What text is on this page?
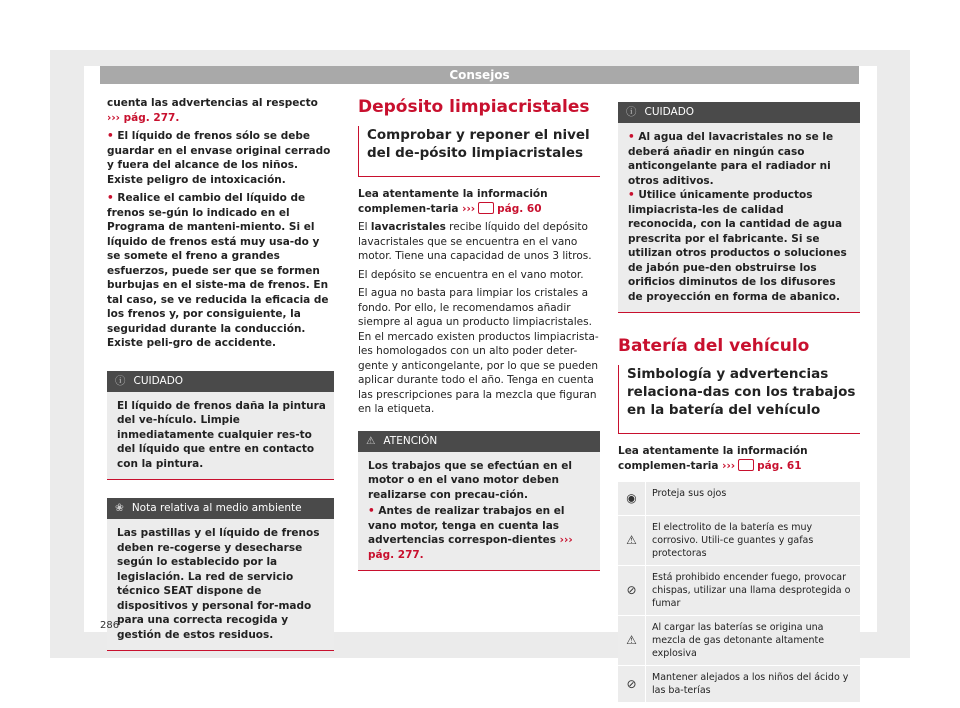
Consejos
cuenta las advertencias al respecto
››› pág. 277.
• El líquido de frenos sólo se debe guardar en el envase original cerrado y fuera del alcance de los niños. Existe peligro de intoxicación.
• Realice el cambio del líquido de frenos se-gún lo indicado en el Programa de manteni-miento. Si el líquido de frenos está muy usa-do y se somete el freno a grandes esfuerzos, puede ser que se formen burbujas en el siste-ma de frenos. En tal caso, se ve reducida la eficacia de los frenos y, por consiguiente, la seguridad durante la conducción. Existe peli-gro de accidente.
ⓘ CUIDADO
El líquido de frenos daña la pintura del ve-hículo. Limpie inmediatamente cualquier res-to del líquido que entre en contacto con la pintura.
❀ Nota relativa al medio ambiente
Las pastillas y el líquido de frenos deben re-cogerse y desecharse según lo establecido por la legislación. La red de servicio técnico SEAT dispone de dispositivos y personal for-mado para una correcta recogida y gestión de estos residuos.
Depósito limpiacristales
Comprobar y reponer el nivel del de-pósito limpiacristales
Lea atentamente la información complemen-taria ››› pág. 60
El lavacristales recibe líquido del depósito lavacristales que se encuentra en el vano motor. Tiene una capacidad de unos 3 litros.
El depósito se encuentra en el vano motor.
El agua no basta para limpiar los cristales a fondo. Por ello, le recomendamos añadir siempre al agua un producto limpiacristales. En el mercado existen productos limpiacrista-les homologados con un alto poder deter-gente y anticongelante, por lo que se pueden aplicar durante todo el año. Tenga en cuenta las prescripciones para la mezcla que figuran en la etiqueta.
⚠ ATENCIÓN
Los trabajos que se efectúan en el motor o en el vano motor deben realizarse con precau-ción.
• Antes de realizar trabajos en el vano motor, tenga en cuenta las advertencias correspon-dientes ››› pág. 277.
ⓘ CUIDADO
• Al agua del lavacristales no se le deberá añadir en ningún caso anticongelante para el radiador ni otros aditivos.
• Utilice únicamente productos limpiacrista-les de calidad reconocida, con la cantidad de agua prescrita por el fabricante. Si se utilizan otros productos o soluciones de jabón pue-den obstruirse los orificios diminutos de los difusores de proyección en forma de abanico.
Batería del vehículo
Simbología y advertencias relaciona-das con los trabajos en la batería del vehículo
Lea atentamente la información complemen-taria ››› pág. 61
◉	Proteja sus ojos
⚠
El electrolito de la batería es muy corrosivo. Utili-ce guantes y gafas protectoras
⊘
Está prohibido encender fuego, provocar chispas, utilizar una llama desprotegida o fumar
⚠
Al cargar las baterías se origina una mezcla de gas detonante altamente explosiva
⊘	Mantener alejados a los niños del ácido y las ba-terías
286
